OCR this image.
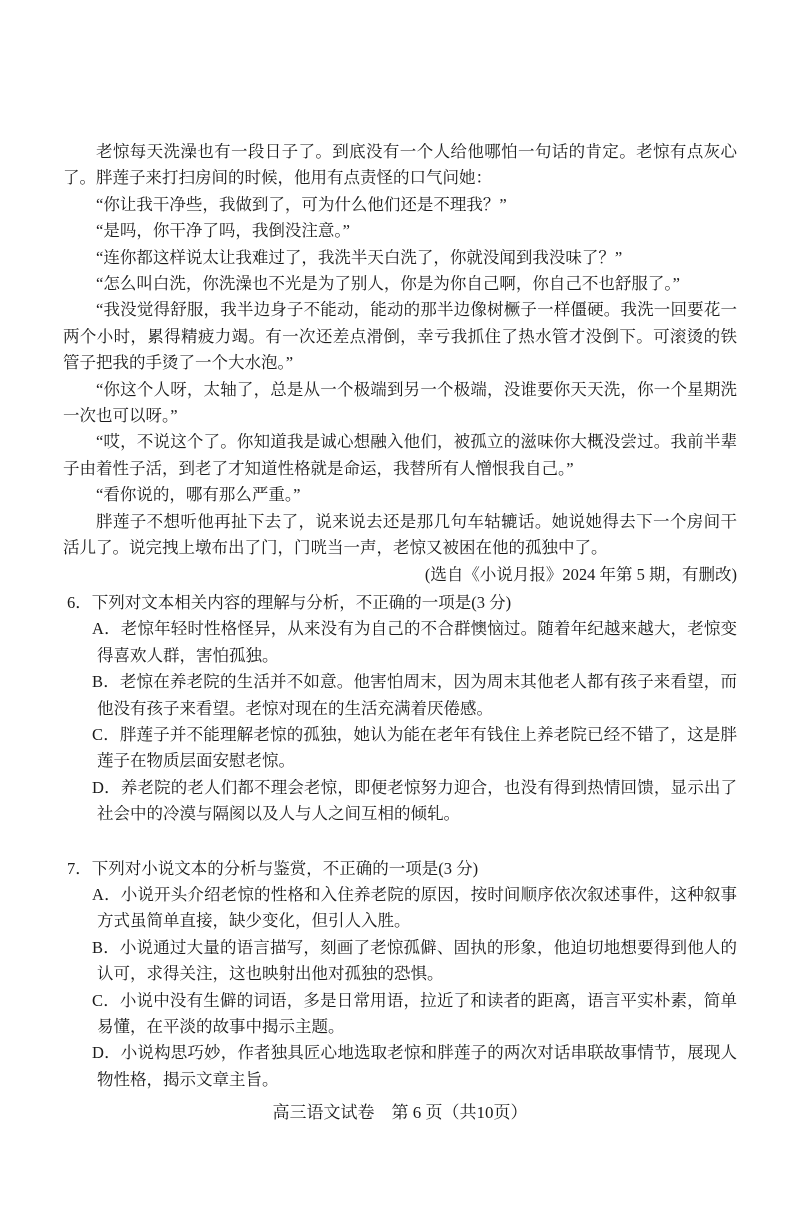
老惊每天洗澡也有一段日子了。到底没有一个人给他哪怕一句话的肯定。老惊有点灰心了。胖莲子来打扫房间的时候，他用有点责怪的口气问她：

“你让我干净些，我做到了，可为什么他们还是不理我？”

“是吗，你干净了吗，我倒没注意。”

“连你都这样说太让我难过了，我洗半天白洗了，你就没闻到我没味了？”

“怎么叫白洗，你洗澡也不光是为了别人，你是为你自己啊，你自己不也舒服了。”

“我没觉得舒服，我半边身子不能动，能动的那半边像树橛子一样僵硬。我洗一回要花一两个小时，累得精疲力竭。有一次还差点滑倒，幸亏我抓住了热水管才没倒下。可滚烫的铁管子把我的手烫了一个大水泡。”

“你这个人呀，太轴了，总是从一个极端到另一个极端，没谁要你天天洗，你一个星期洗一次也可以呀。”

“哎，不说这个了。你知道我是诚心想融入他们，被孤立的滋味你大概没尝过。我前半辈子由着性子活，到老了才知道性格就是命运，我替所有人憎恨我自己。”

“看你说的，哪有那么严重。”

胖莲子不想听他再扯下去了，说来说去还是那几句车轱辘话。她说她得去下一个房间干活儿了。说完拽上墩布出了门，门咣当一声，老惊又被困在他的孤独中了。

(选自《小说月报》2024 年第 5 期，有删改)

6．下列对文本相关内容的理解与分析，不正确的一项是(3 分)

A．老惊年轻时性格怪异，从来没有为自己的不合群懊恼过。随着年纪越来越大，老惊变得喜欢人群，害怕孤独。

B．老惊在养老院的生活并不如意。他害怕周末，因为周末其他老人都有孩子来看望，而他没有孩子来看望。老惊对现在的生活充满着厌倦感。

C．胖莲子并不能理解老惊的孤独，她认为能在老年有钱住上养老院已经不错了，这是胖莲子在物质层面安慰老惊。

D．养老院的老人们都不理会老惊，即便老惊努力迎合，也没有得到热情回馈，显示出了社会中的冷漠与隔阂以及人与人之间互相的倾轧。

7．下列对小说文本的分析与鉴赏，不正确的一项是(3 分)

A．小说开头介绍老惊的性格和入住养老院的原因，按时间顺序依次叙述事件，这种叙事方式虽简单直接，缺少变化，但引人入胜。

B．小说通过大量的语言描写，刻画了老惊孤僻、固执的形象，他迫切地想要得到他人的认可，求得关注，这也映射出他对孤独的恐惧。

C．小说中没有生僻的词语，多是日常用语，拉近了和读者的距离，语言平实朴素，简单易懂，在平淡的故事中揭示主题。

D．小说构思巧妙，作者独具匠心地选取老惊和胖莲子的两次对话串联故事情节，展现人物性格，揭示文章主旨。

高三语文试卷　第 6 页（共10页）
